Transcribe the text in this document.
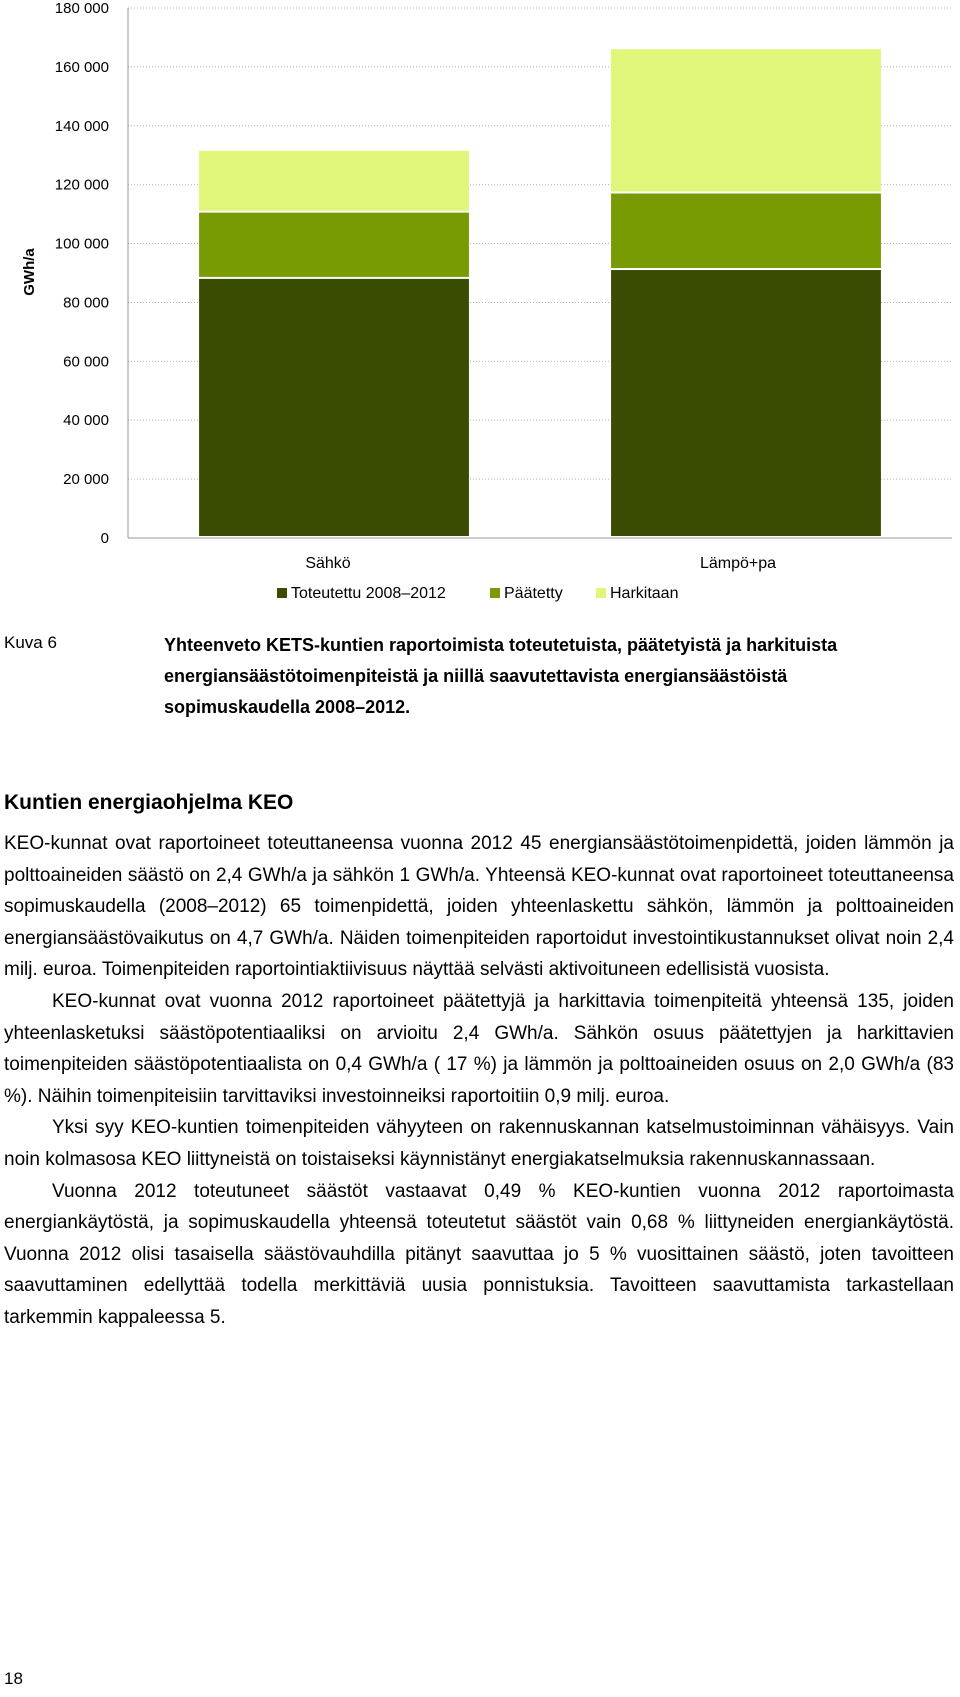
0
20 000
40 000
60 000
80 000
100 000
120 000
140 000
160 000
180 000
GWh/a
Sähkö	Lämpö+pa
Toteutettu 2008–2012	Päätetty	Harkitaan
Kuva 6	Yhteenveto KETS-kuntien raportoimista toteutetuista, päätetyistä ja harkituista energiansäästötoimenpiteistä ja niillä saavutettavista energiansäästöistä sopimuskaudella 2008–2012.
Kuntien energiaohjelma KEO

KEO-kunnat ovat raportoineet toteuttaneensa vuonna 2012 45 energiansäästötoimenpidettä, joiden lämmön ja polttoaineiden säästö on 2,4 GWh/a ja sähkön 1 GWh/a. Yhteensä KEO-kunnat ovat raportoineet toteuttaneensa sopimuskaudella (2008–2012) 65 toimenpidettä, joiden yhteenlaskettu sähkön, lämmön ja polttoaineiden energiansäästövaikutus on 4,7 GWh/a. Näiden toimenpiteiden raportoidut investointikustannukset olivat noin 2,4 milj. euroa. Toimenpiteiden raportointiaktiivisuus näyttää selvästi aktivoituneen edellisistä vuosista.

KEO-kunnat ovat vuonna 2012 raportoineet päätettyjä ja harkittavia toimenpiteitä yhteensä 135, joiden yhteenlasketuksi säästöpotentiaaliksi on arvioitu 2,4 GWh/a. Sähkön osuus päätettyjen ja harkittavien toimenpiteiden säästöpotentiaalista on 0,4 GWh/a ( 17 %) ja lämmön ja polttoaineiden osuus on 2,0 GWh/a (83 %). Näihin toimenpiteisiin tarvittaviksi investoinneiksi raportoitiin 0,9 milj. euroa.

Yksi syy KEO-kuntien toimenpiteiden vähyyteen on rakennuskannan katselmustoiminnan vähäisyys. Vain noin kolmasosa KEO liittyneistä on toistaiseksi käynnistänyt energiakatselmuksia rakennuskannassaan.

Vuonna 2012 toteutuneet säästöt vastaavat 0,49 % KEO-kuntien vuonna 2012 raportoimasta energiankäytöstä, ja sopimuskaudella yhteensä toteutetut säästöt vain 0,68 % liittyneiden energiankäytöstä. Vuonna 2012 olisi tasaisella säästövauhdilla pitänyt saavuttaa jo 5 % vuosittainen säästö, joten tavoitteen saavuttaminen edellyttää todella merkittäviä uusia ponnistuksia. Tavoitteen saavuttamista tarkastellaan tarkemmin kappaleessa 5.

18
